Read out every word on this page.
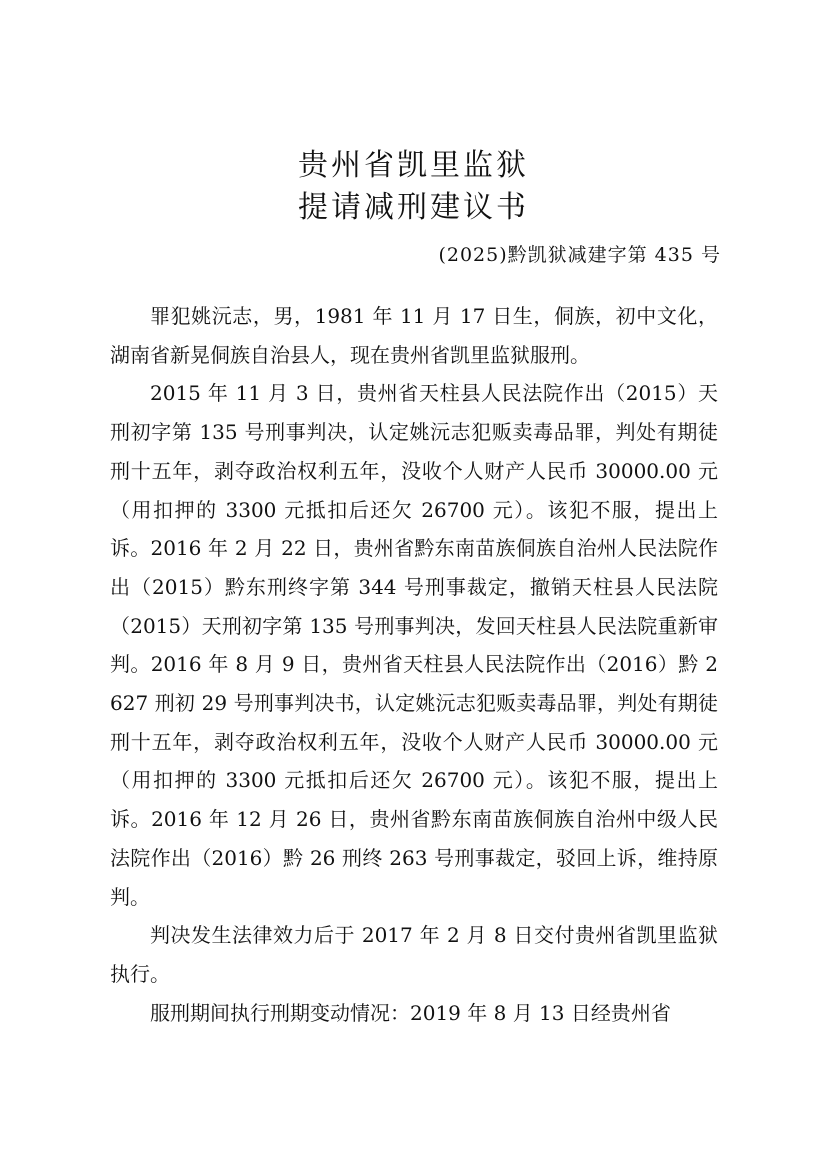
贵州省凯里监狱
提请减刑建议书
(2025)黔凯狱减建字第 435 号

罪犯姚沅志，男，1981 年 11 月 17 日生，侗族，初中文化，湖南省新晃侗族自治县人，现在贵州省凯里监狱服刑。

2015 年 11 月 3 日，贵州省天柱县人民法院作出（2015）天刑初字第 135 号刑事判决，认定姚沅志犯贩卖毒品罪，判处有期徒刑十五年，剥夺政治权利五年，没收个人财产人民币 30000.00 元（用扣押的 3300 元抵扣后还欠 26700 元）。该犯不服，提出上诉。2016 年 2 月 22 日，贵州省黔东南苗族侗族自治州人民法院作出（2015）黔东刑终字第 344 号刑事裁定，撤销天柱县人民法院（2015）天刑初字第 135 号刑事判决，发回天柱县人民法院重新审判。2016 年 8 月 9 日，贵州省天柱县人民法院作出（2016）黔 2627 刑初 29 号刑事判决书，认定姚沅志犯贩卖毒品罪，判处有期徒刑十五年，剥夺政治权利五年，没收个人财产人民币 30000.00 元（用扣押的 3300 元抵扣后还欠 26700 元）。该犯不服，提出上诉。2016 年 12 月 26 日，贵州省黔东南苗族侗族自治州中级人民法院作出（2016）黔 26 刑终 263 号刑事裁定，驳回上诉，维持原判。

判决发生法律效力后于 2017 年 2 月 8 日交付贵州省凯里监狱执行。

服刑期间执行刑期变动情况：2019 年 8 月 13 日经贵州省
